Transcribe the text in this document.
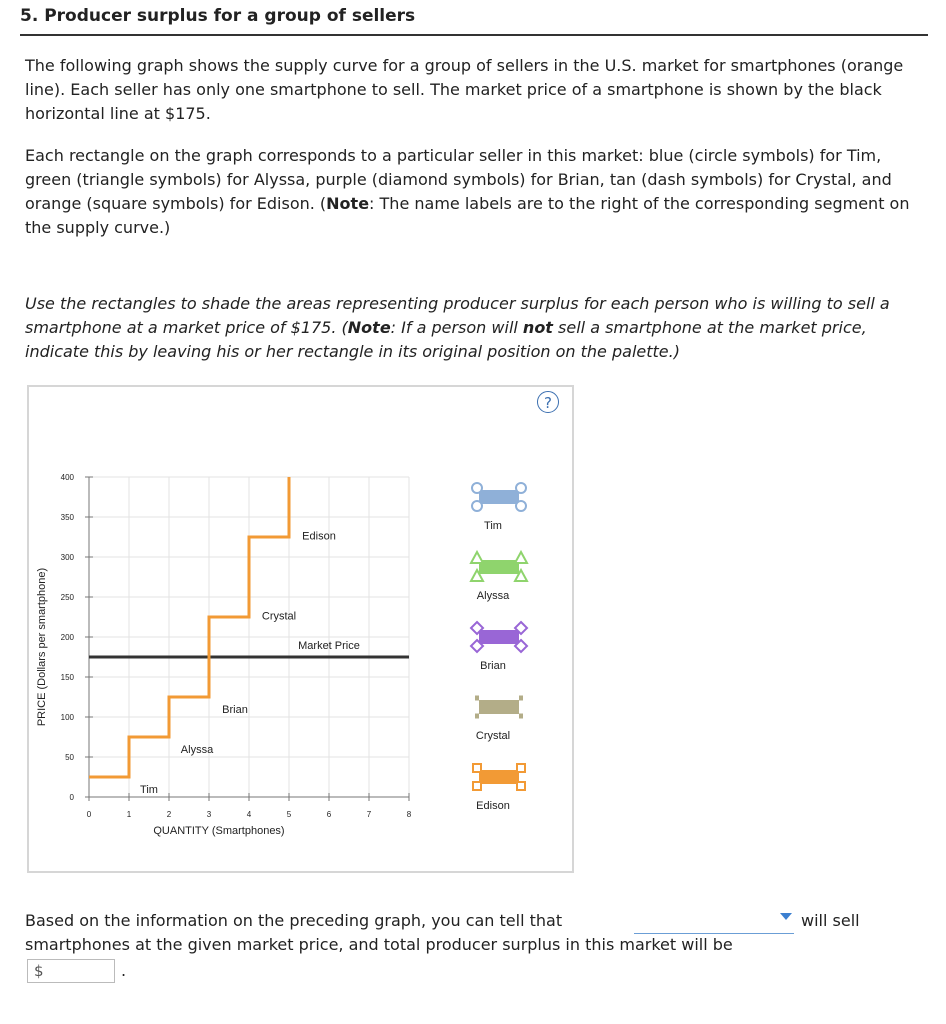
5. Producer surplus for a group of sellers
The following graph shows the supply curve for a group of sellers in the U.S. market for smartphones (orange line). Each seller has only one smartphone to sell. The market price of a smartphone is shown by the black horizontal line at $175.
Each rectangle on the graph corresponds to a particular seller in this market: blue (circle symbols) for Tim, green (triangle symbols) for Alyssa, purple (diamond symbols) for Brian, tan (dash symbols) for Crystal, and orange (square symbols) for Edison. (Note: The name labels are to the right of the corresponding segment on the supply curve.)
Use the rectangles to shade the areas representing producer surplus for each person who is willing to sell a smartphone at a market price of $175. (Note: If a person will not sell a smartphone at the market price, indicate this by leaving his or her rectangle in its original position on the palette.)
0
50
100
150
200
250
300
350
400
0	1	2	3	4	5	6	7	8
QUANTITY (Smartphones)
PRICE (Dollars per smartphone)
Tim
Alyssa
Brian
Crystal
Edison
Market Price
Tim
Alyssa
Brian
Crystal
Edison
?
Based on the information on the preceding graph, you can tell that	will sell
smartphones at the given market price, and total producer surplus in this market will be
$	.
